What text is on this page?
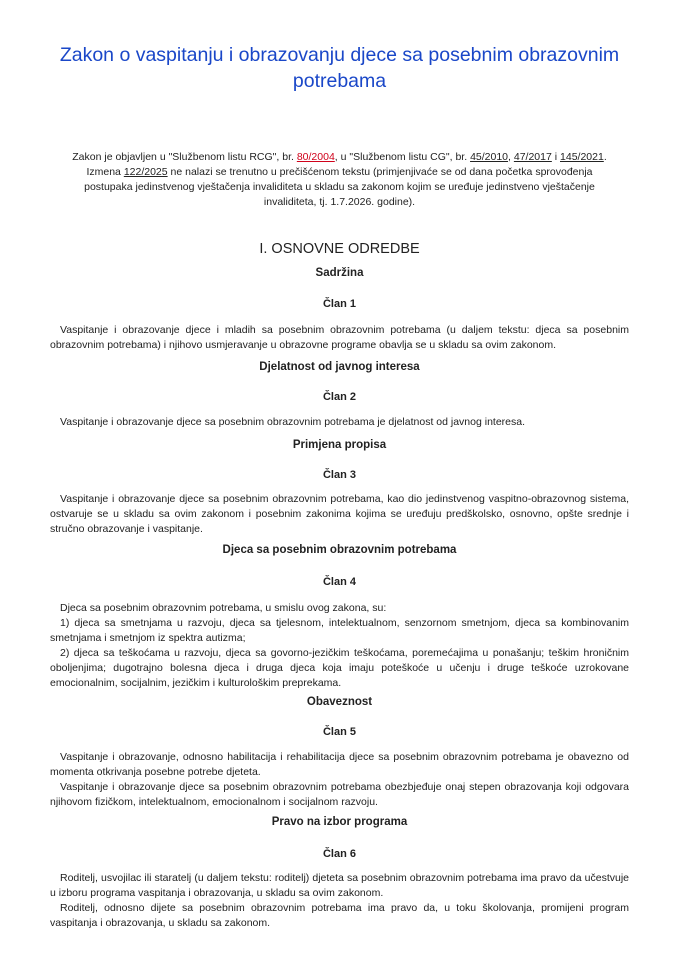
Zakon o vaspitanju i obrazovanju djece sa posebnim obrazovnim
potrebama
Zakon je objavljen u "Službenom listu RCG", br. 80/2004, u "Službenom listu CG", br. 45/2010, 47/2017 i 145/2021. Izmena 122/2025 ne nalazi se trenutno u prečišćenom tekstu (primjenjivaće se od dana početka sprovođenja postupaka jedinstvenog vještačenja invaliditeta u skladu sa zakonom kojim se uređuje jedinstveno vještačenje invaliditeta, tj. 1.7.2026. godine).
I. OSNOVNE ODREDBE
Sadržina
Član 1
Vaspitanje i obrazovanje djece i mladih sa posebnim obrazovnim potrebama (u daljem tekstu: djeca sa posebnim obrazovnim potrebama) i njihovo usmjeravanje u obrazovne programe obavlja se u skladu sa ovim zakonom.
Djelatnost od javnog interesa
Član 2
Vaspitanje i obrazovanje djece sa posebnim obrazovnim potrebama je djelatnost od javnog interesa.
Primjena propisa
Član 3
Vaspitanje i obrazovanje djece sa posebnim obrazovnim potrebama, kao dio jedinstvenog vaspitno-obrazovnog sistema, ostvaruje se u skladu sa ovim zakonom i posebnim zakonima kojima se uređuju predškolsko, osnovno, opšte srednje i stručno obrazovanje i vaspitanje.
Djeca sa posebnim obrazovnim potrebama
Član 4
Djeca sa posebnim obrazovnim potrebama, u smislu ovog zakona, su:
1) djeca sa smetnjama u razvoju, djeca sa tjelesnom, intelektualnom, senzornom smetnjom, djeca sa kombinovanim smetnjama i smetnjom iz spektra autizma;
2) djeca sa teškoćama u razvoju, djeca sa govorno-jezičkim teškoćama, poremećajima u ponašanju; teškim hroničnim oboljenjima; dugotrajno bolesna djeca i druga djeca koja imaju poteškoće u učenju i druge teškoće uzrokovane emocionalnim, socijalnim, jezičkim i kulturološkim preprekama.
Obaveznost
Član 5
Vaspitanje i obrazovanje, odnosno habilitacija i rehabilitacija djece sa posebnim obrazovnim potrebama je obavezno od momenta otkrivanja posebne potrebe djeteta.
Vaspitanje i obrazovanje djece sa posebnim obrazovnim potrebama obezbjeđuje onaj stepen obrazovanja koji odgovara njihovom fizičkom, intelektualnom, emocionalnom i socijalnom razvoju.
Pravo na izbor programa
Član 6
Roditelj, usvojilac ili staratelj (u daljem tekstu: roditelj) djeteta sa posebnim obrazovnim potrebama ima pravo da učestvuje u izboru programa vaspitanja i obrazovanja, u skladu sa ovim zakonom.
Roditelj, odnosno dijete sa posebnim obrazovnim potrebama ima pravo da, u toku školovanja, promijeni program vaspitanja i obrazovanja, u skladu sa zakonom.
